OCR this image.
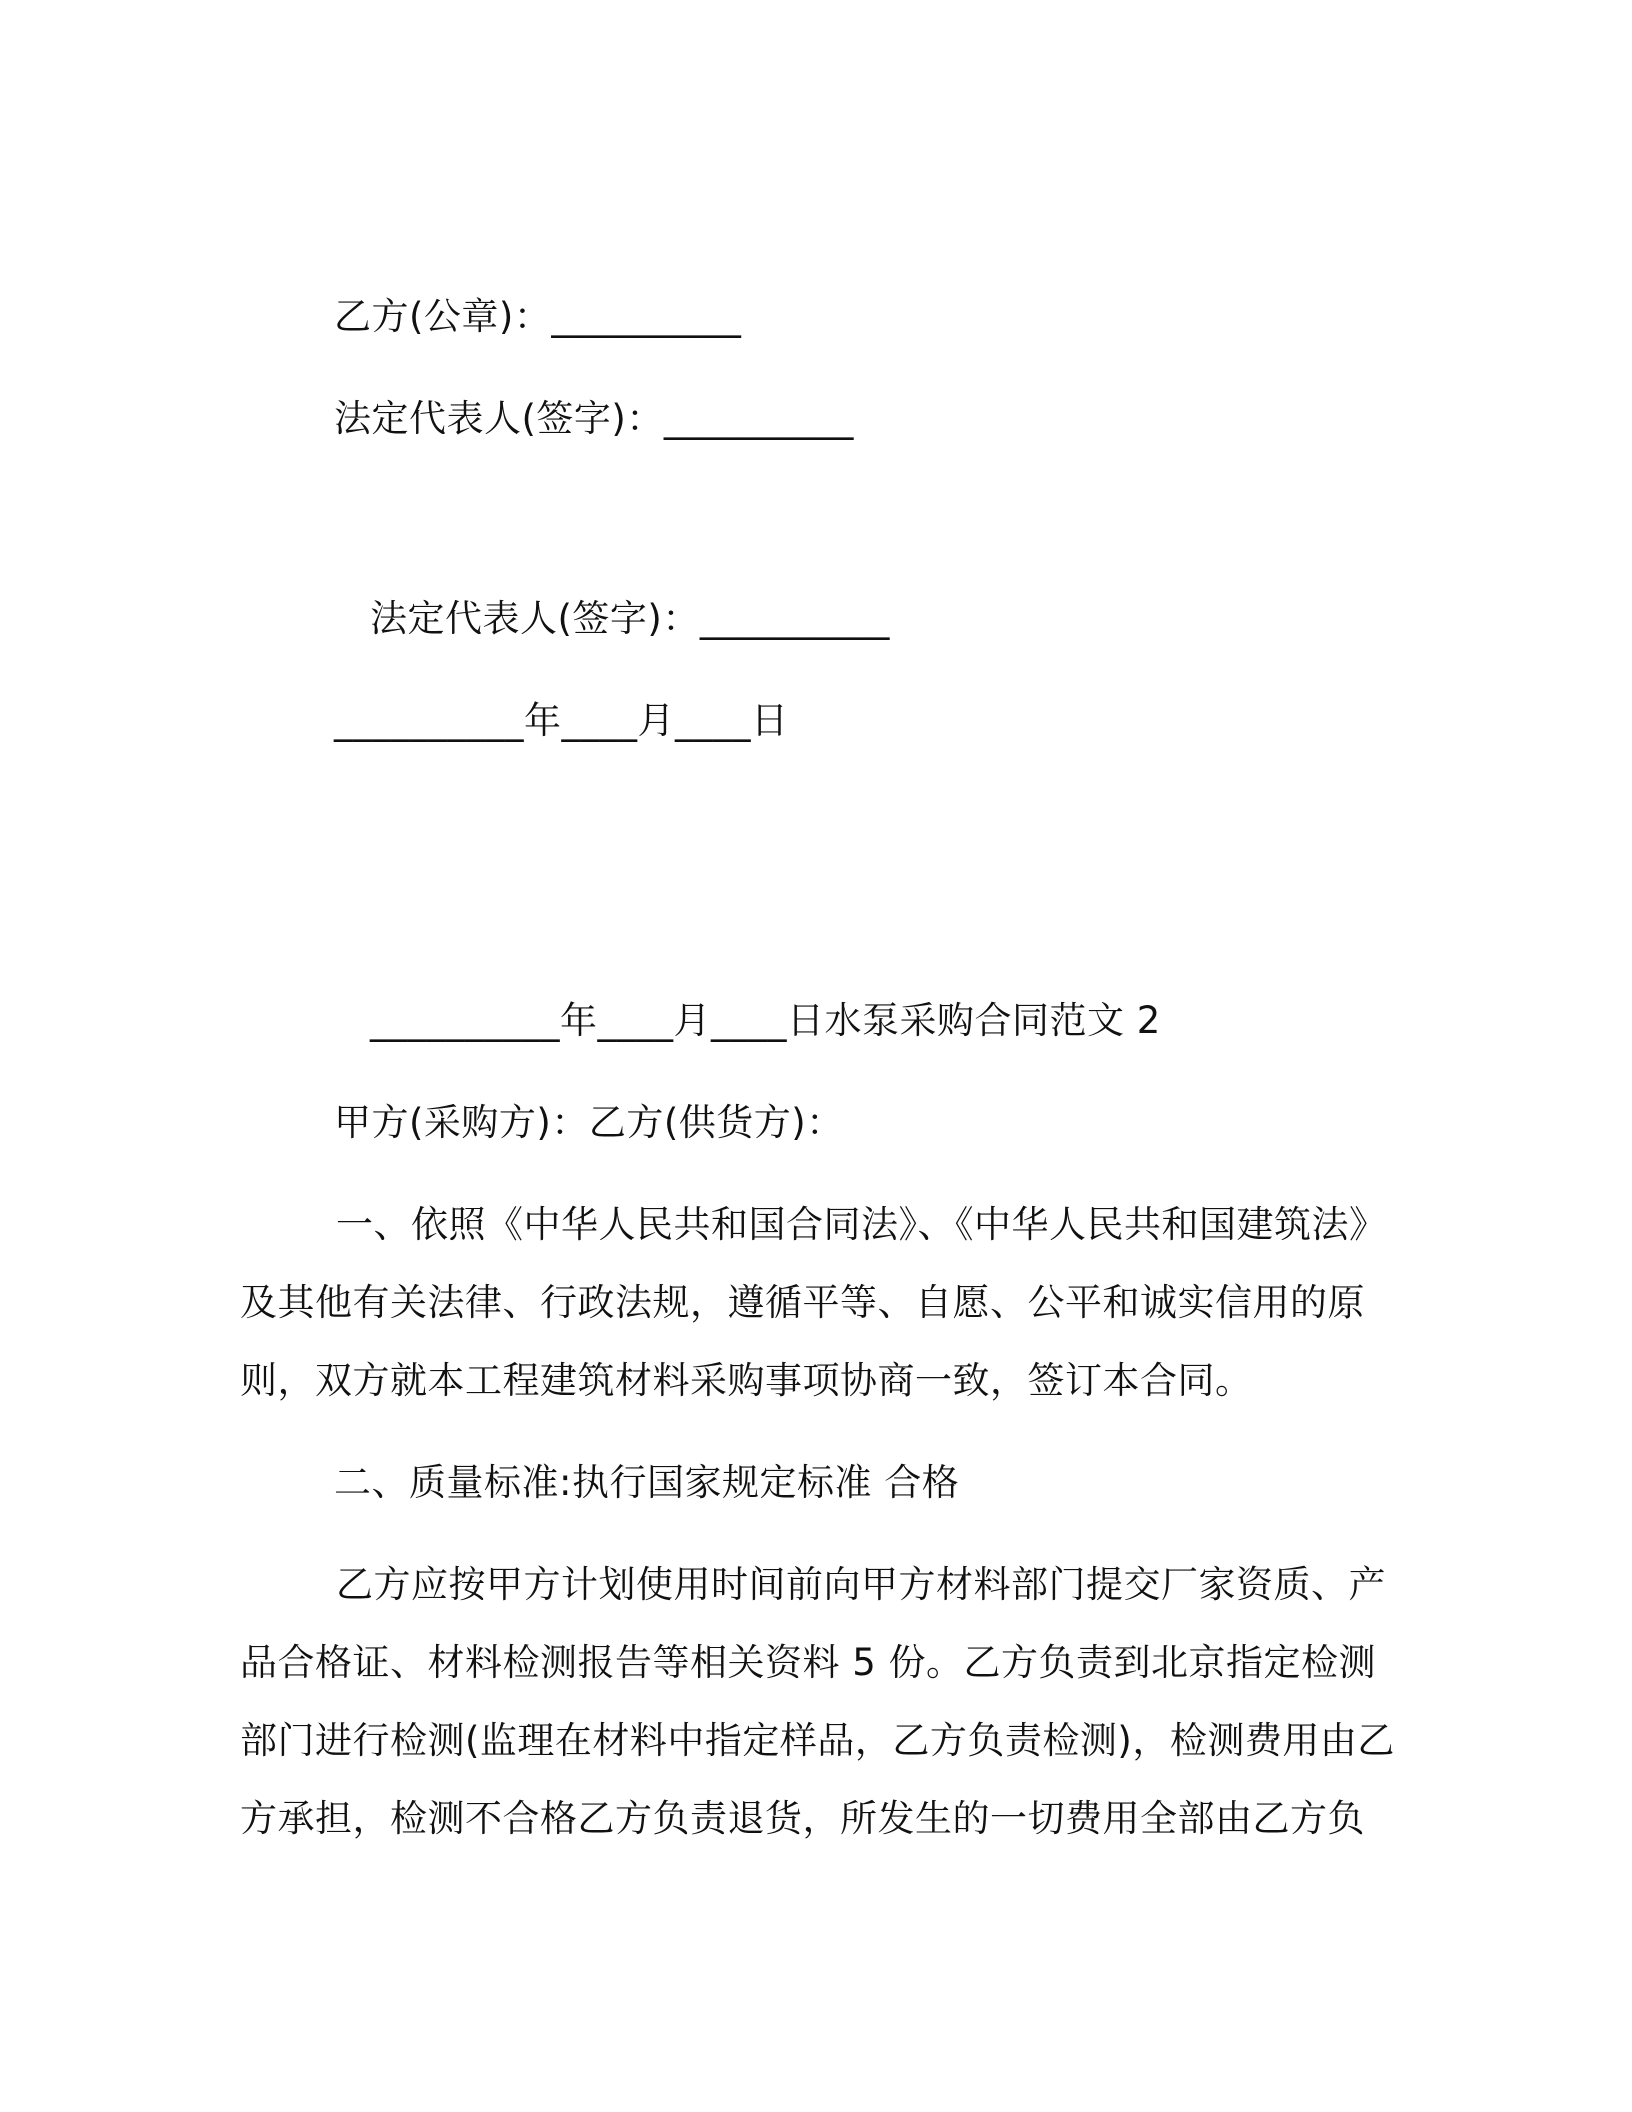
乙方(公章)：__________
法定代表人(签字)：__________
法定代表人(签字)：__________
__________年____月____日
__________年____月____日水泵采购合同范文 2
甲方(采购方)：乙方(供货方)：
一、依照《中华人民共和国合同法》、《中华人民共和国建筑法》及其他有关法律、行政法规，遵循平等、自愿、公平和诚实信用的原则，双方就本工程建筑材料采购事项协商一致，签订本合同。
二、质量标准:执行国家规定标准 合格
乙方应按甲方计划使用时间前向甲方材料部门提交厂家资质、产品合格证、材料检测报告等相关资料 5 份。乙方负责到北京指定检测部门进行检测(监理在材料中指定样品，乙方负责检测)，检测费用由乙方承担，检测不合格乙方负责退货，所发生的一切费用全部由乙方负
